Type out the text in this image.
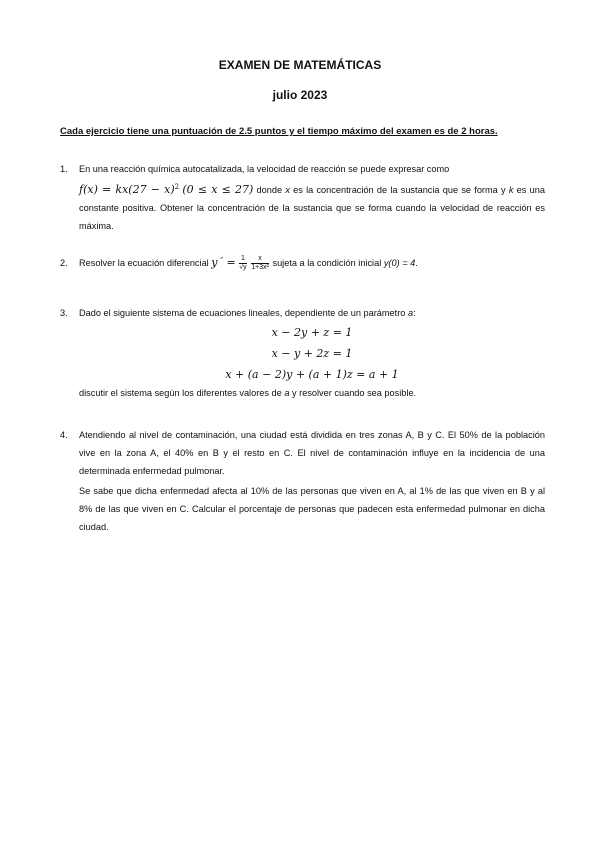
EXAMEN DE MATEMÁTICAS
julio 2023
Cada ejercicio tiene una puntuación de 2.5 puntos y el tiempo máximo del examen es de 2 horas.
1. En una reacción química autocatalizada, la velocidad de reacción se puede expresar como
$f(x) = kx(27 - x)^2$ (0 ≤ x ≤ 27) donde x es la concentración de la sustancia que se forma y k es una constante positiva. Obtener la concentración de la sustancia que se forma cuando la velocidad de reacción es máxima.
2. Resolver la ecuación diferencial y´ = $\frac{1}{√y}$
$\frac{x}{\text{1+3x²}}$ sujeta a la condición inicial y(0) = 4.
3. Dado el siguiente sistema de ecuaciones lineales, dependiente de un parámetro a:
x − 2y + z = 1
x − y + 2z = 1
x + (a − 2)y + (a + 1)z = a + 1
discutir el sistema según los diferentes valores de a y resolver cuando sea posible.
4. Atendiendo al nivel de contaminación, una ciudad está dividida en tres zonas A, B y C. El 50% de la población vive en la zona A, el 40% en B y el resto en C. El nivel de contaminación influye en la incidencia de una determinada enfermedad pulmonar.
Se sabe que dicha enfermedad afecta al 10% de las personas que viven en A, al 1% de las que viven en B y al 8% de las que viven en C. Calcular el porcentaje de personas que padecen esta enfermedad pulmonar en dicha ciudad.
